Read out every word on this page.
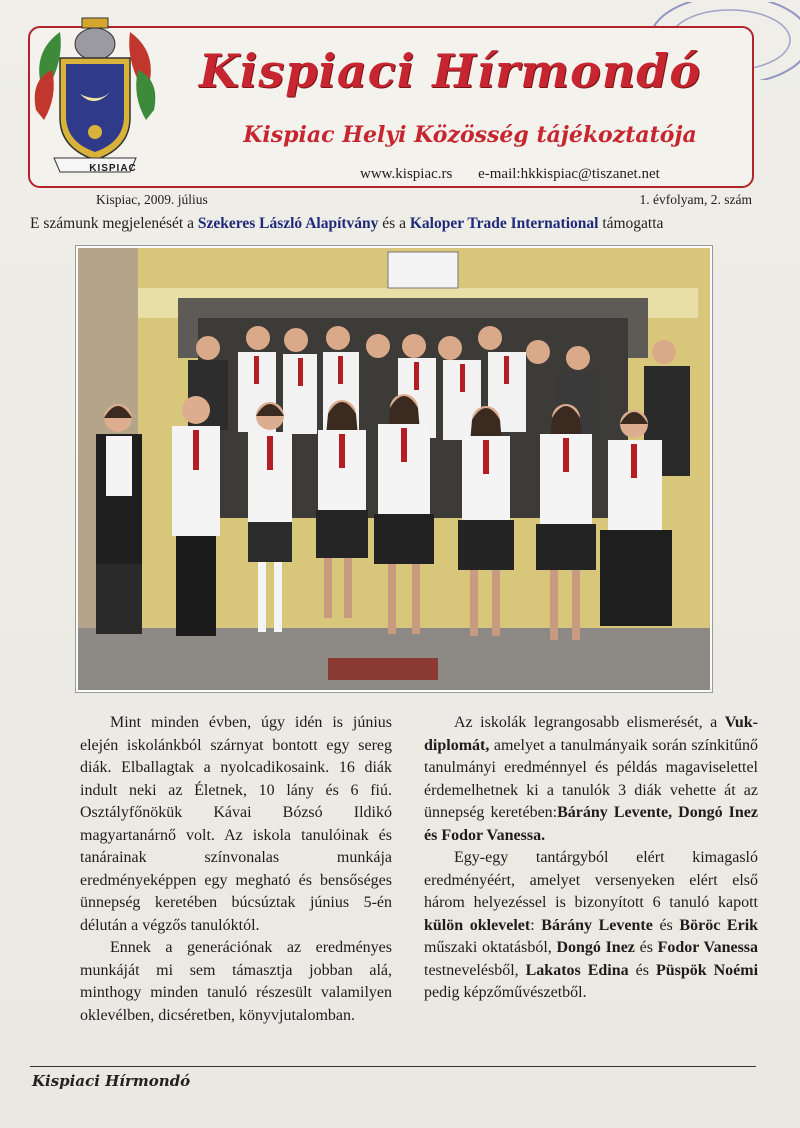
KISPIAC
Kispiaci Hírmondó
Kispiac Helyi Közösség tájékoztatója
www.kispiac.rs e-mail:hkkispiac@tiszanet.net
Kispiac, 2009. július	1. évfolyam, 2. szám
E számunk megjelenését a Szekeres László Alapítvány és a Kaloper Trade International támogatta

Mint minden évben, úgy idén is június elején iskolánkból szárnyat bontott egy sereg diák. Elballagtak a nyolcadikosaink. 16 diák indult neki az Életnek, 10 lány és 6 fiú. Osztályfőnökük Kávai Bózsó Ildikó magyartanárnő volt. Az iskola tanulóinak és tanárainak színvonalas munkája eredményeképpen egy megható és bensőséges ünnepség keretében búcsúztak június 5-én délután a végzős tanulóktól.

Ennek a generációnak az eredményes munkáját mi sem támasztja jobban alá, minthogy minden tanuló részesült valamilyen oklevélben, dicséretben, könyvjutalomban.

Az iskolák legrangosabb elismerését, a Vuk-diplomát, amelyet a tanulmányaik során színkitűnő tanulmányi eredménnyel és példás magaviselettel érdemelhetnek ki a tanulók 3 diák vehette át az ünnepség keretében:Bárány Levente, Dongó Inez és Fodor Vanessa.

Egy-egy tantárgyból elért kimagasló eredményéért, amelyet versenyeken elért első három helyezéssel is bizonyított 6 tanuló kapott külön oklevelet: Bárány Levente és Böröc Erik műszaki oktatásból, Dongó Inez és Fodor Vanessa testnevelésből, Lakatos Edina és Püspök Noémi pedig képzőművészetből.

Kispiaci Hírmondó
